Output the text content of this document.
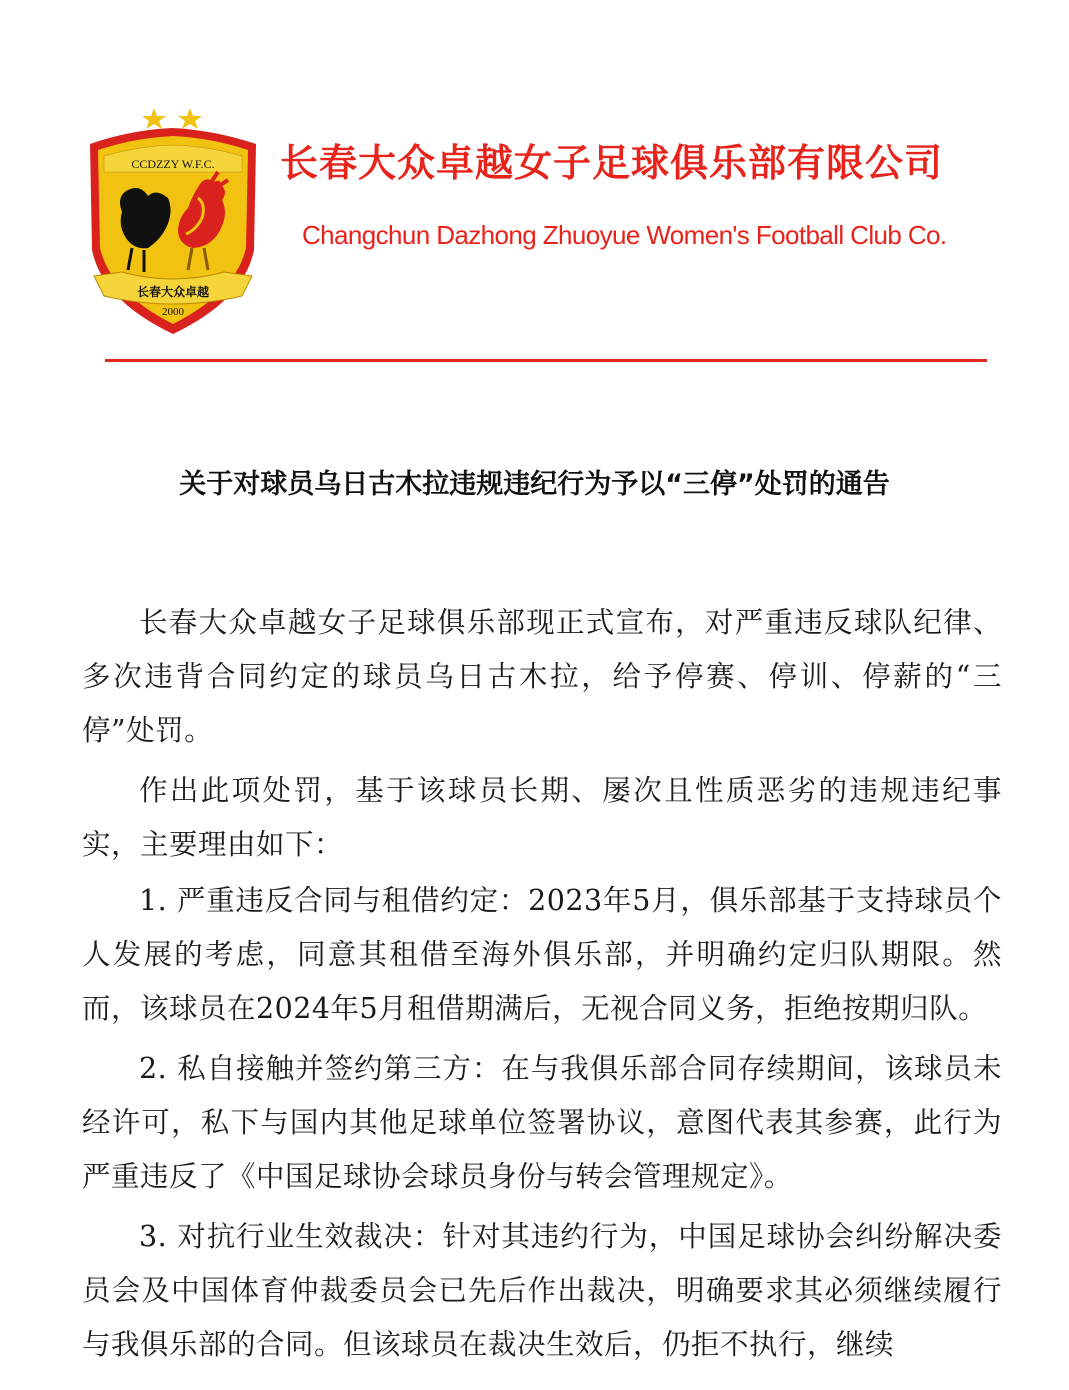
CCDZZY W.F.C.
长春大众卓越
2000
长春大众卓越女子足球俱乐部有限公司
Changchun Dazhong Zhuoyue Women's Football Club Co.
关于对球员乌日古木拉违规违纪行为予以“三停”处罚的通告

长春大众卓越女子足球俱乐部现正式宣布，对严重违反球队纪律、多次违背合同约定的球员乌日古木拉，给予停赛、停训、停薪的“三停”处罚。

作出此项处罚，基于该球员长期、屡次且性质恶劣的违规违纪事实，主要理由如下：

1. 严重违反合同与租借约定：2023年5月，俱乐部基于支持球员个人发展的考虑，同意其租借至海外俱乐部，并明确约定归队期限。然而，该球员在2024年5月租借期满后，无视合同义务，拒绝按期归队。

2. 私自接触并签约第三方：在与我俱乐部合同存续期间，该球员未经许可，私下与国内其他足球单位签署协议，意图代表其参赛，此行为严重违反了《中国足球协会球员身份与转会管理规定》。

3. 对抗行业生效裁决：针对其违约行为，中国足球协会纠纷解决委员会及中国体育仲裁委员会已先后作出裁决，明确要求其必须继续履行与我俱乐部的合同。但该球员在裁决生效后，仍拒不执行，继续
